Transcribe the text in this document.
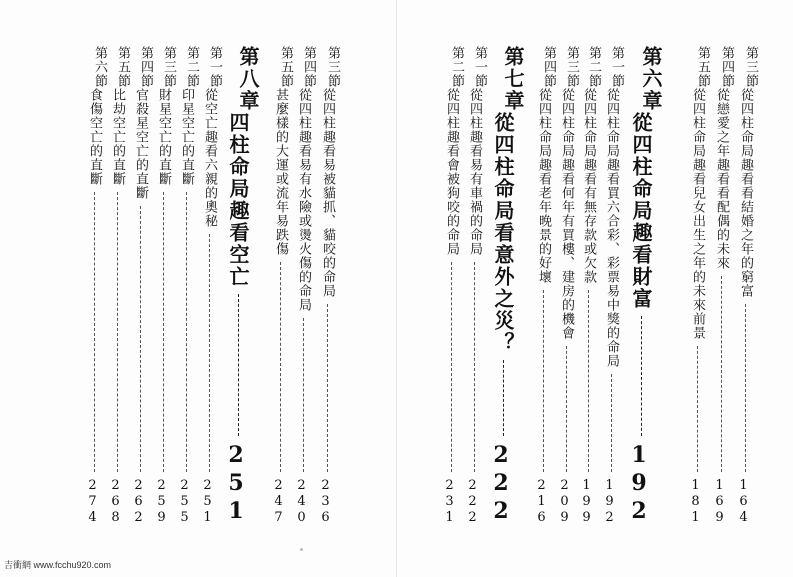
吉衝網 www.fcchu920.com
第三節
從四柱趣看易被貓抓、貓咬的命局
236
第四節
從四柱趣看易有水險或燙火傷的命局
240
第五節
甚麼樣的大運或流年易跌傷
247
第八章
四柱命局趣看空亡
251
第一節
從空亡趣看六親的奧秘
251
第二節
印星空亡的直斷
255
第三節
財星空亡的直斷
259
第四節
官殺星空亡的直斷
262
第五節
比劫空亡的直斷
268
第六節
食傷空亡的直斷
274
第三節
從四柱命局趣看看結婚之年的窮富
164
第四節
從戀愛之年趣看看配偶的未來
169
第五節
從四柱命局趣看兒女出生之年的未來前景
181
第六章
從四柱命局趣看財富
192
第一節
從四柱命局趣看買六合彩、彩票易中獎的命局
192
第二節
從四柱命局趣看有無存款或欠款
199
第三節
從四柱命局趣看何年有買樓、建房的機會
209
第四節
從四柱命局趣看老年晚景的好壞
216
第七章
從四柱命局看意外之災？
222
第一節
從四柱趣看易有車禍的命局
222
第二節
從四柱趣看會被狗咬的命局
231
